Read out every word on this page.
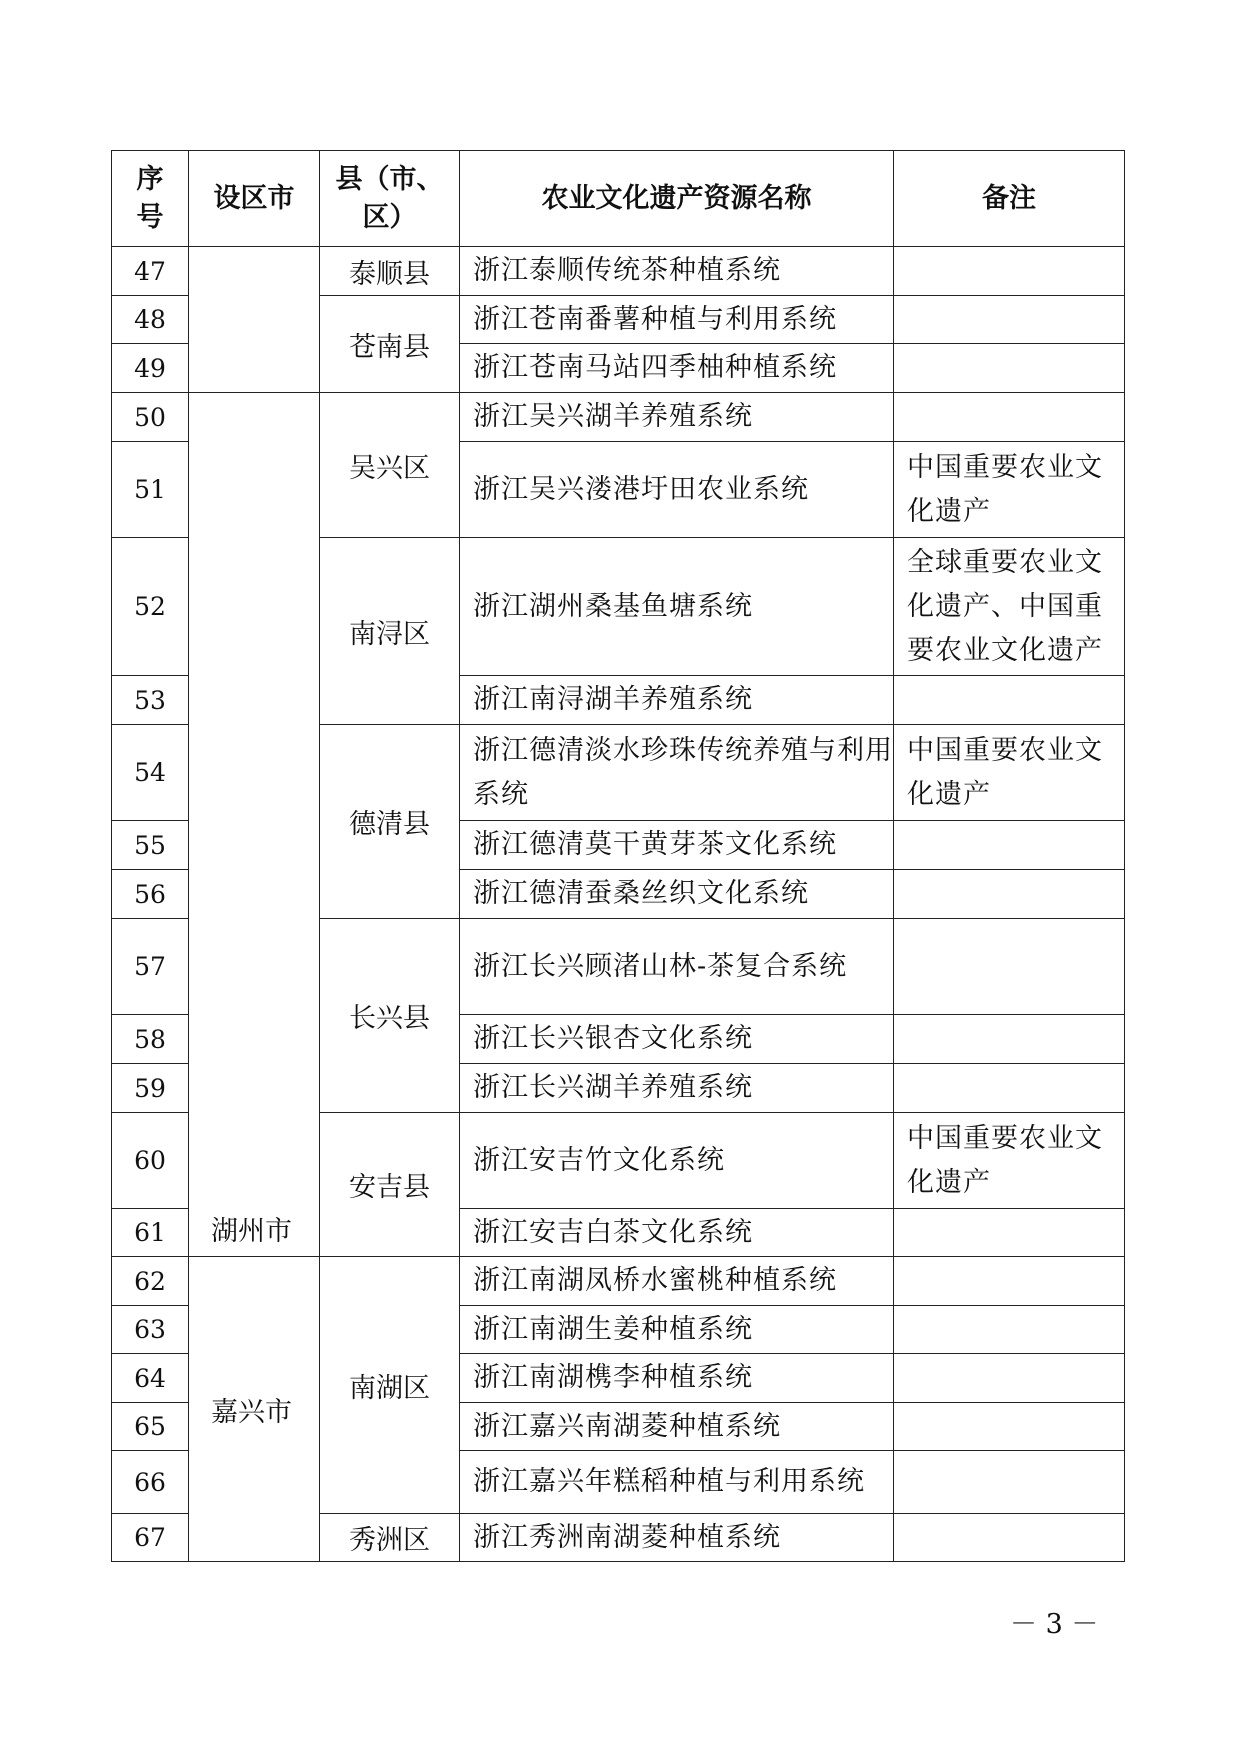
序号	设区市	县（市、区）	农业文化遗产资源名称	备注
47		泰顺县	浙江泰顺传统茶种植系统	
48		苍南县	浙江苍南番薯种植与利用系统	
49			浙江苍南马站四季柚种植系统	
50	湖州市	吴兴区	浙江吴兴湖羊养殖系统	
51			浙江吴兴溇港圩田农业系统	中国重要农业文化遗产
52		南浔区	浙江湖州桑基鱼塘系统	全球重要农业文化遗产、中国重要农业文化遗产
53			浙江南浔湖羊养殖系统	
54		德清县	浙江德清淡水珍珠传统养殖与利用系统	中国重要农业文化遗产
55			浙江德清莫干黄芽茶文化系统	
56			浙江德清蚕桑丝织文化系统	
57		长兴县	浙江长兴顾渚山林-茶复合系统	
58			浙江长兴银杏文化系统	
59			浙江长兴湖羊养殖系统	
60		安吉县	浙江安吉竹文化系统	中国重要农业文化遗产
61			浙江安吉白茶文化系统	
62	嘉兴市	南湖区	浙江南湖凤桥水蜜桃种植系统	
63			浙江南湖生姜种植系统	
64			浙江南湖槜李种植系统	
65			浙江嘉兴南湖菱种植系统	
66			浙江嘉兴年糕稻种植与利用系统	
67		秀洲区	浙江秀洲南湖菱种植系统	
－ 3 －
